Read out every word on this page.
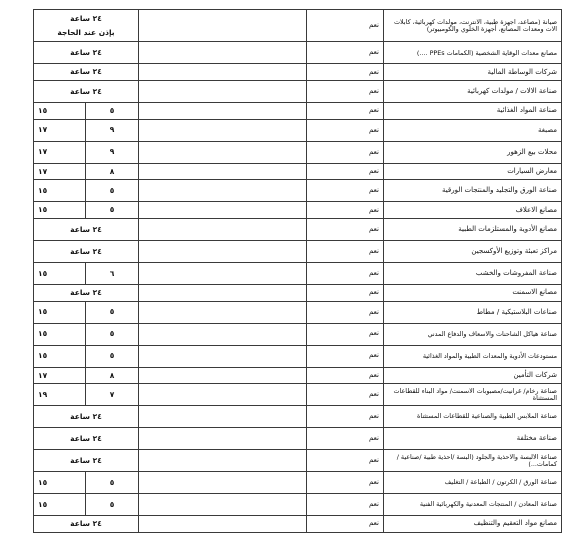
٢٤ ساعة
بإذن عند الحاجة			نعم	صيانة (مصاعد، اجهزة طبية، الانترنت، مولدات كهربائية، كابلات الات ومعدات المصانع، أجهزة الخلوي والكومبيوتر)
٢٤ ساعة			نعم	مصانع معدات الوقاية الشخصية (الكمامات PPEs ....)
٢٤ ساعة			نعم	شركات الوساطة المالية
٢٤ ساعة			نعم	صناعة الالات / مولدات كهربائية
١٥	٥		نعم	صناعة المواد الغذائية
١٧	٩		نعم	مصبغة
١٧	٩		نعم	محلات بيع الزهور
١٧	٨		نعم	معارض السيارات
١٥	٥		نعم	صناعة الورق والتجليد والمنتجات الورقية
١٥	٥		نعم	مصانع الاعلاف
٢٤ ساعة			نعم	مصانع الأدوية والمستلزمات الطبية
٢٤ ساعة			نعم	مراكز تعبئة وتوزيع الأوكسجين
١٥	٦		نعم	صناعة المفروشات والخشب
٢٤ ساعة			نعم	مصانع الاسمنت
١٥	٥		نعم	صناعات البلاستيكية / مطاط
١٥	٥		نعم	صناعة هياكل الشاحنات والاسعاف والدفاع المدني
١٥	٥		نعم	مستودعات الأدوية والمعدات الطبية والمواد الغذائية
١٧	٨		نعم	شركات التأمين
١٩	٧		نعم	صناعة رخام/ غرانيت/مصبوبات الاسمنت/ مواد البناء للقطاعات المستثناة
٢٤ ساعة			نعم	صناعة الملابس الطبية والصناعية للقطاعات المستثناة
٢٤ ساعة			نعم	صناعة مختلفة
٢٤ ساعة			نعم	صناعة الالبسة والاحذية والجلود (البسة /احذية طبية /صناعية /كمامات...)
١٥	٥		نعم	صناعة الورق / الكرتون / الطباعة / التغليف
١٥	٥		نعم	صناعة المعادن / المنتجات المعدنية والكهربائية الفنية
٢٤ ساعة			نعم	مصانع مواد التعقيم والتنظيف
